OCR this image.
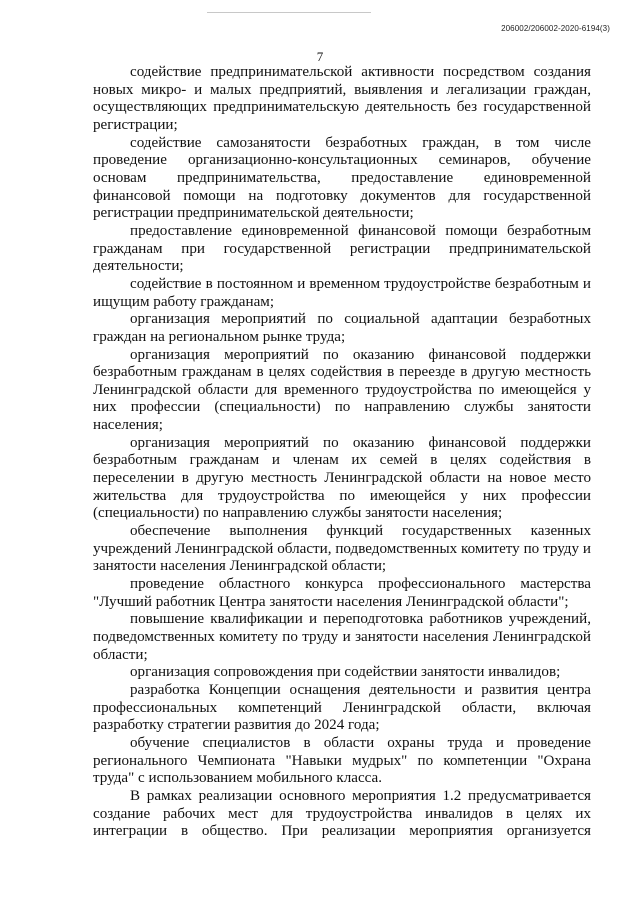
206002/206002-2020-6194(3)
7

содействие предпринимательской активности посредством создания новых микро- и малых предприятий, выявления и легализации граждан, осуществляющих предпринимательскую деятельность без государственной регистрации;

содействие самозанятости безработных граждан, в том числе проведение организационно-консультационных семинаров, обучение основам предпринимательства, предоставление единовременной финансовой помощи на подготовку документов для государственной регистрации предпринимательской деятельности;

предоставление единовременной финансовой помощи безработным гражданам при государственной регистрации предпринимательской деятельности;

содействие в постоянном и временном трудоустройстве безработным и ищущим работу гражданам;

организация мероприятий по социальной адаптации безработных граждан на региональном рынке труда;

организация мероприятий по оказанию финансовой поддержки безработным гражданам в целях содействия в переезде в другую местность Ленинградской области для временного трудоустройства по имеющейся у них профессии (специальности) по направлению службы занятости населения;

организация мероприятий по оказанию финансовой поддержки безработным гражданам и членам их семей в целях содействия в переселении в другую местность Ленинградской области на новое место жительства для трудоустройства по имеющейся у них профессии (специальности) по направлению службы занятости населения;

обеспечение выполнения функций государственных казенных учреждений Ленинградской области, подведомственных комитету по труду и занятости населения Ленинградской области;

проведение областного конкурса профессионального мастерства "Лучший работник Центра занятости населения Ленинградской области";

повышение квалификации и переподготовка работников учреждений, подведомственных комитету по труду и занятости населения Ленинградской области;

организация сопровождения при содействии занятости инвалидов;

разработка Концепции оснащения деятельности и развития центра профессиональных компетенций Ленинградской области, включая разработку стратегии развития до 2024 года;

обучение специалистов в области охраны труда и проведение регионального Чемпионата "Навыки мудрых" по компетенции "Охрана труда" с использованием мобильного класса.

В рамках реализации основного мероприятия 1.2 предусматривается создание рабочих мест для трудоустройства инвалидов в целях их интеграции в общество. При реализации мероприятия организуется
